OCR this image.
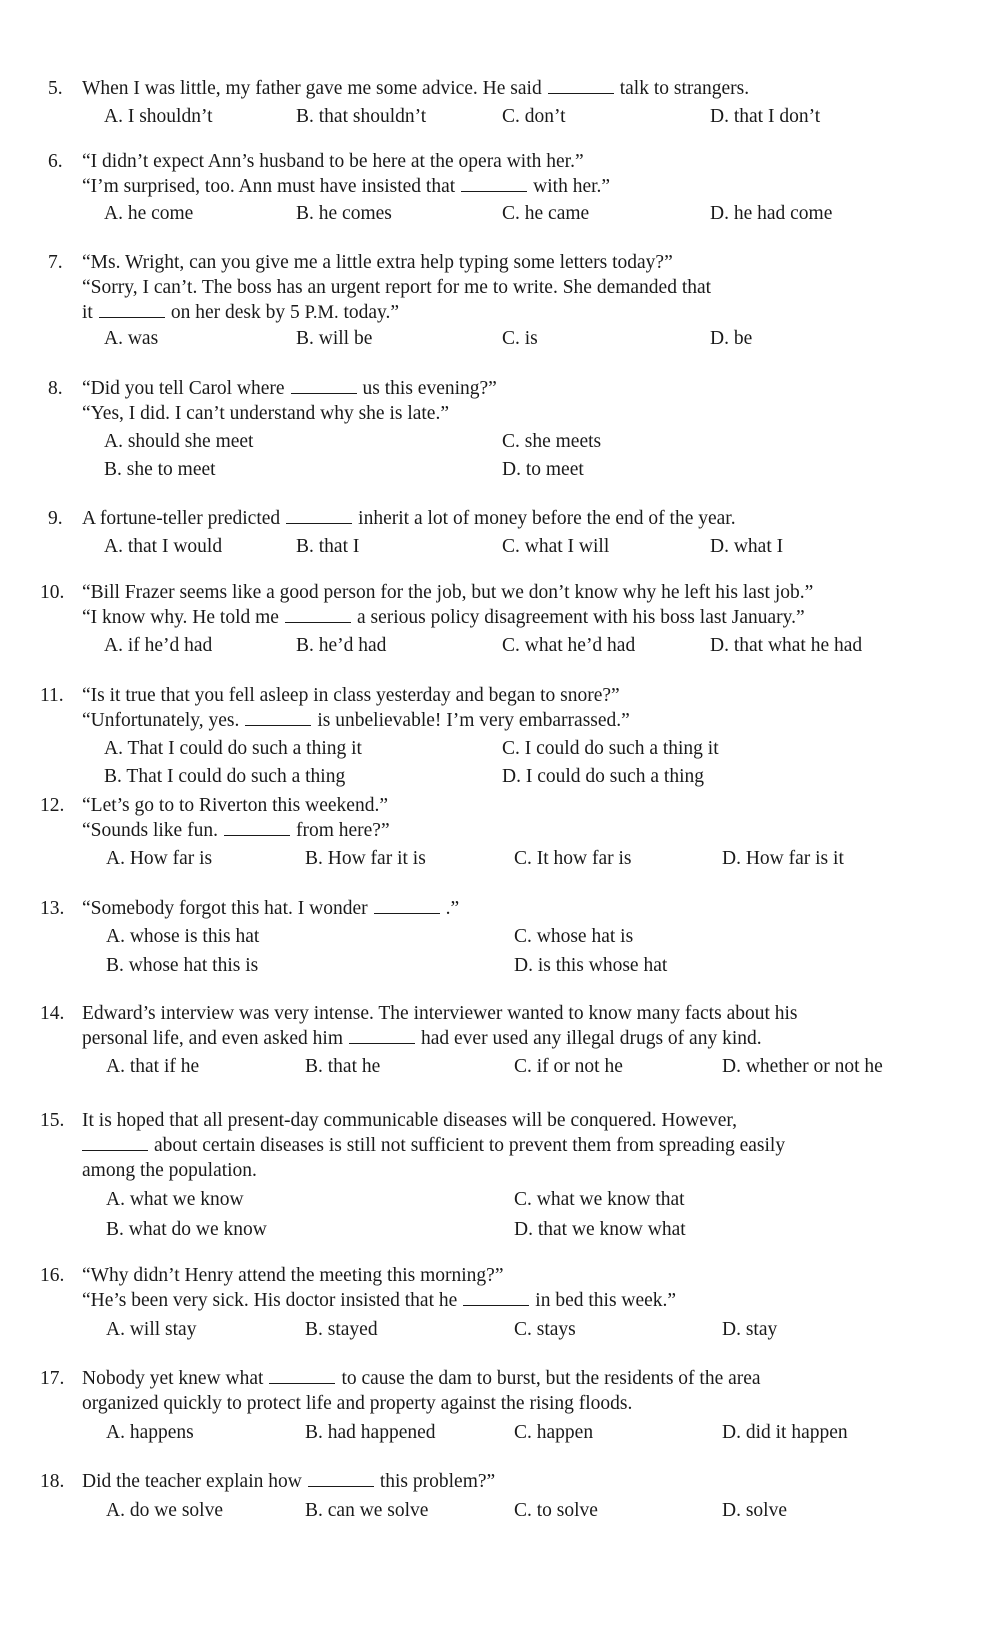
5. When I was little, my father gave me some advice. He said	talk to strangers.
A. I shouldn’t	B. that shouldn’t	C. don’t	D. that I don’t
6. “I didn’t expect Ann’s husband to be here at the opera with her.”
“I’m surprised, too. Ann must have insisted that	with her.”
A. he come	B. he comes	C. he came	D. he had come
7. “Ms. Wright, can you give me a little extra help typing some letters today?”
“Sorry, I can’t. The boss has an urgent report for me to write. She demanded that
it	on her desk by 5 P.M. today.”
A. was	B. will be	C. is	D. be
8. “Did you tell Carol where	us this evening?”
“Yes, I did. I can’t understand why she is late.”
A. should she meet	C. she meets
B. she to meet	D. to meet
9. A fortune-teller predicted	inherit a lot of money before the end of the year.
A. that I would	B. that I	C. what I will	D. what I
10. “Bill Frazer seems like a good person for the job, but we don’t know why he left his last job.”
“I know why. He told me	a serious policy disagreement with his boss last January.”
A. if he’d had	B. he’d had	C. what he’d had	D. that what he had
11. “Is it true that you fell asleep in class yesterday and began to snore?”
“Unfortunately, yes.	is unbelievable! I’m very embarrassed.”
A. That I could do such a thing it	C. I could do such a thing it
B. That I could do such a thing	D. I could do such a thing
12. “Let’s go to to Riverton this weekend.”
“Sounds like fun.	from here?”
A. How far is	B. How far it is	C. It how far is	D. How far is it
13. “Somebody forgot this hat. I wonder	.”
A. whose is this hat	C. whose hat is
B. whose hat this is	D. is this whose hat
14. Edward’s interview was very intense. The interviewer wanted to know many facts about his
personal life, and even asked him	had ever used any illegal drugs of any kind.
A. that if he	B. that he	C. if or not he	D. whether or not he
15. It is hoped that all present-day communicable diseases will be conquered. However,
about certain diseases is still not sufficient to prevent them from spreading easily
among the population.
A. what we know	C. what we know that
B. what do we know	D. that we know what
16. “Why didn’t Henry attend the meeting this morning?”
“He’s been very sick. His doctor insisted that he	in bed this week.”
A. will stay	B. stayed	C. stays	D. stay
17. Nobody yet knew what	to cause the dam to burst, but the residents of the area
organized quickly to protect life and property against the rising floods.
A. happens	B. had happened	C. happen	D. did it happen
18. Did the teacher explain how	this problem?”
A. do we solve	B. can we solve	C. to solve	D. solve
